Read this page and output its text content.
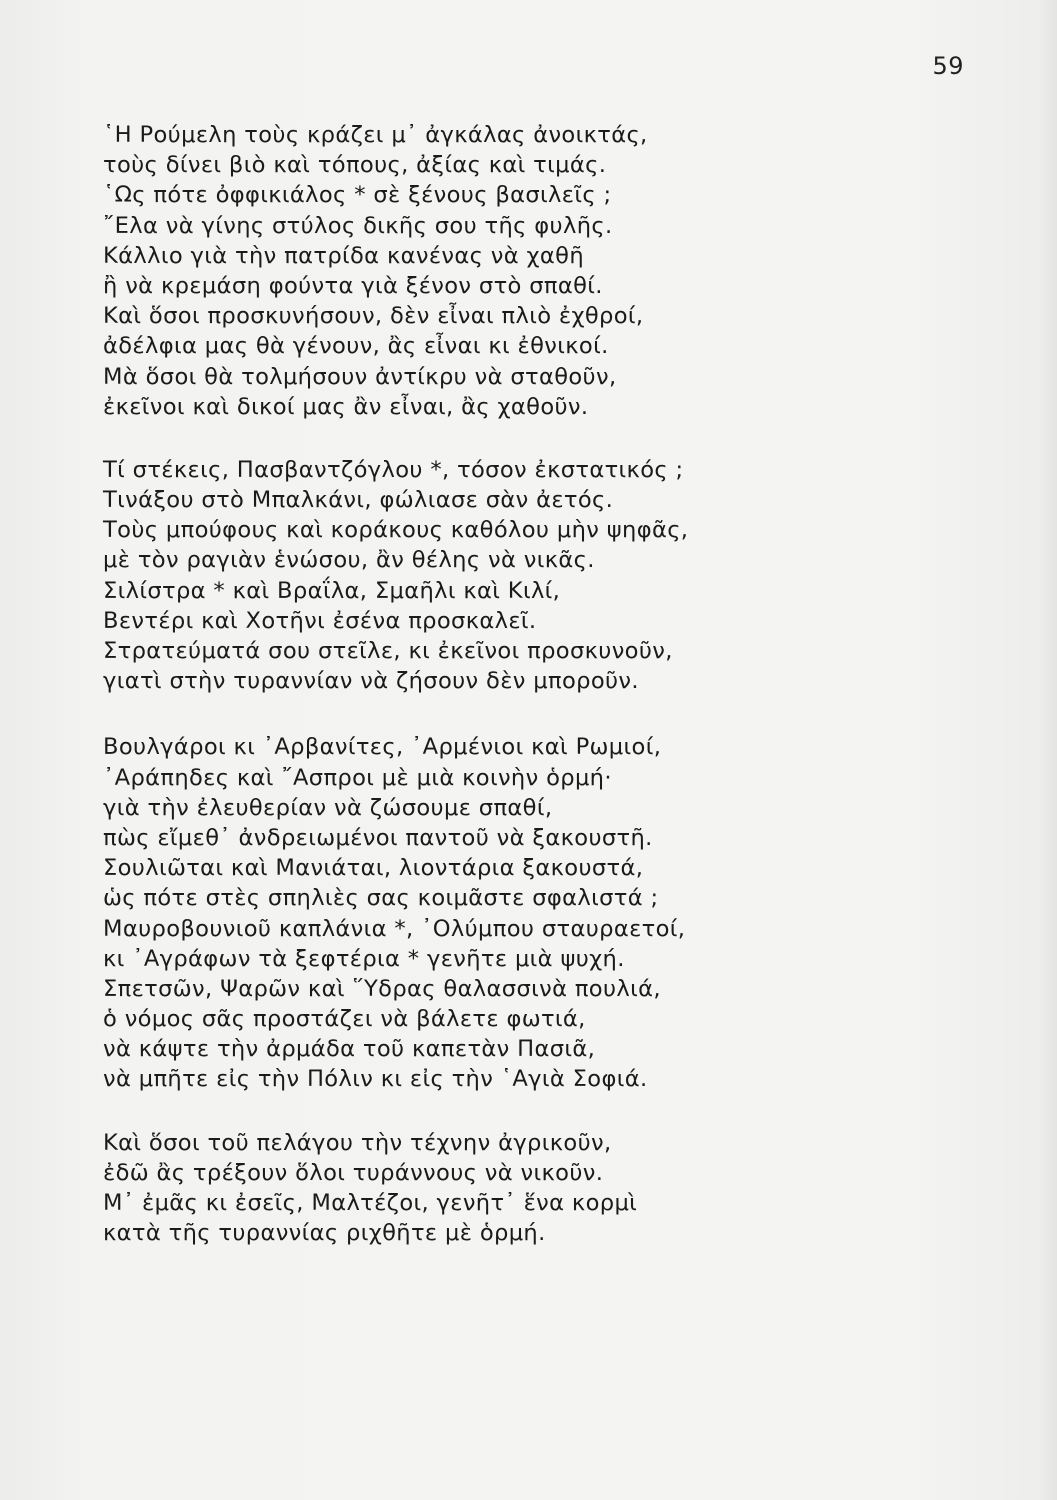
59
῾Η Ρούμελη τοὺς κράζει μ᾿ ἀγκάλας ἀνοικτάς,
τοὺς δίνει βιὸ καὶ τόπους, ἀξίας καὶ τιμάς.
῾Ως πότε ὀφφικιάλος * σὲ ξένους βασιλεῖς ;
῎Ελα νὰ γίνης στύλος δικῆς σου τῆς φυλῆς.
Κάλλιο γιὰ τὴν πατρίδα κανένας νὰ χαθῆ
ἢ νὰ κρεμάση φούντα γιὰ ξένον στὸ σπαθί.
Καὶ ὅσοι προσκυνήσουν, δὲν εἶναι πλιὸ ἐχθροί,
ἀδέλφια μας θὰ γένουν, ἂς εἶναι κι ἐθνικοί.
Μὰ ὅσοι θὰ τολμήσουν ἀντίκρυ νὰ σταθοῦν,
ἐκεῖνοι καὶ δικοί μας ἂν εἶναι, ἂς χαθοῦν.
Τί στέκεις, Πασβαντζόγλου *, τόσον ἐκστατικός ;
Τινάξου στὸ Μπαλκάνι, φώλιασε σὰν ἀετός.
Τοὺς μπούφους καὶ κοράκους καθόλου μὴν ψηφᾶς,
μὲ τὸν ραγιὰν ἑνώσου, ἂν θέλης νὰ νικᾶς.
Σιλίστρα * καὶ Βραΐλα, Σμαῆλι καὶ Κιλί,
Βεντέρι καὶ Χοτῆνι ἐσένα προσκαλεῖ.
Στρατεύματά σου στεῖλε, κι ἐκεῖνοι προσκυνοῦν,
γιατὶ στὴν τυραννίαν νὰ ζήσουν δὲν μποροῦν.
Βουλγάροι κι ᾿Αρβανίτες, ᾿Αρμένιοι καὶ Ρωμιοί,
᾿Αράπηδες καὶ ῎Ασπροι μὲ μιὰ κοινὴν ὁρμή·
γιὰ τὴν ἐλευθερίαν νὰ ζώσουμε σπαθί,
πὼς εἴμεθ᾿ ἀνδρειωμένοι παντοῦ νὰ ξακουστῆ.
Σουλιῶται καὶ Μανιάται, λιοντάρια ξακουστά,
ὡς πότε στὲς σπηλιὲς σας κοιμᾶστε σφαλιστά ;
Μαυροβουνιοῦ καπλάνια *, ᾿Ολύμπου σταυραετοί,
κι ᾿Αγράφων τὰ ξεφτέρια * γενῆτε μιὰ ψυχή.
Σπετσῶν, Ψαρῶν καὶ ῞Υδρας θαλασσινὰ πουλιά,
ὁ νόμος σᾶς προστάζει νὰ βάλετε φωτιά,
νὰ κάψτε τὴν ἀρμάδα τοῦ καπετὰν Πασιᾶ,
νὰ μπῆτε εἰς τὴν Πόλιν κι εἰς τὴν ῾Αγιὰ Σοφιά.
Καὶ ὅσοι τοῦ πελάγου τὴν τέχνην ἀγρικοῦν,
ἐδῶ ἂς τρέξουν ὅλοι τυράννους νὰ νικοῦν.
Μ᾿ ἐμᾶς κι ἐσεῖς, Μαλτέζοι, γενῆτ᾿ ἕνα κορμὶ
κατὰ τῆς τυραννίας ριχθῆτε μὲ ὁρμή.
